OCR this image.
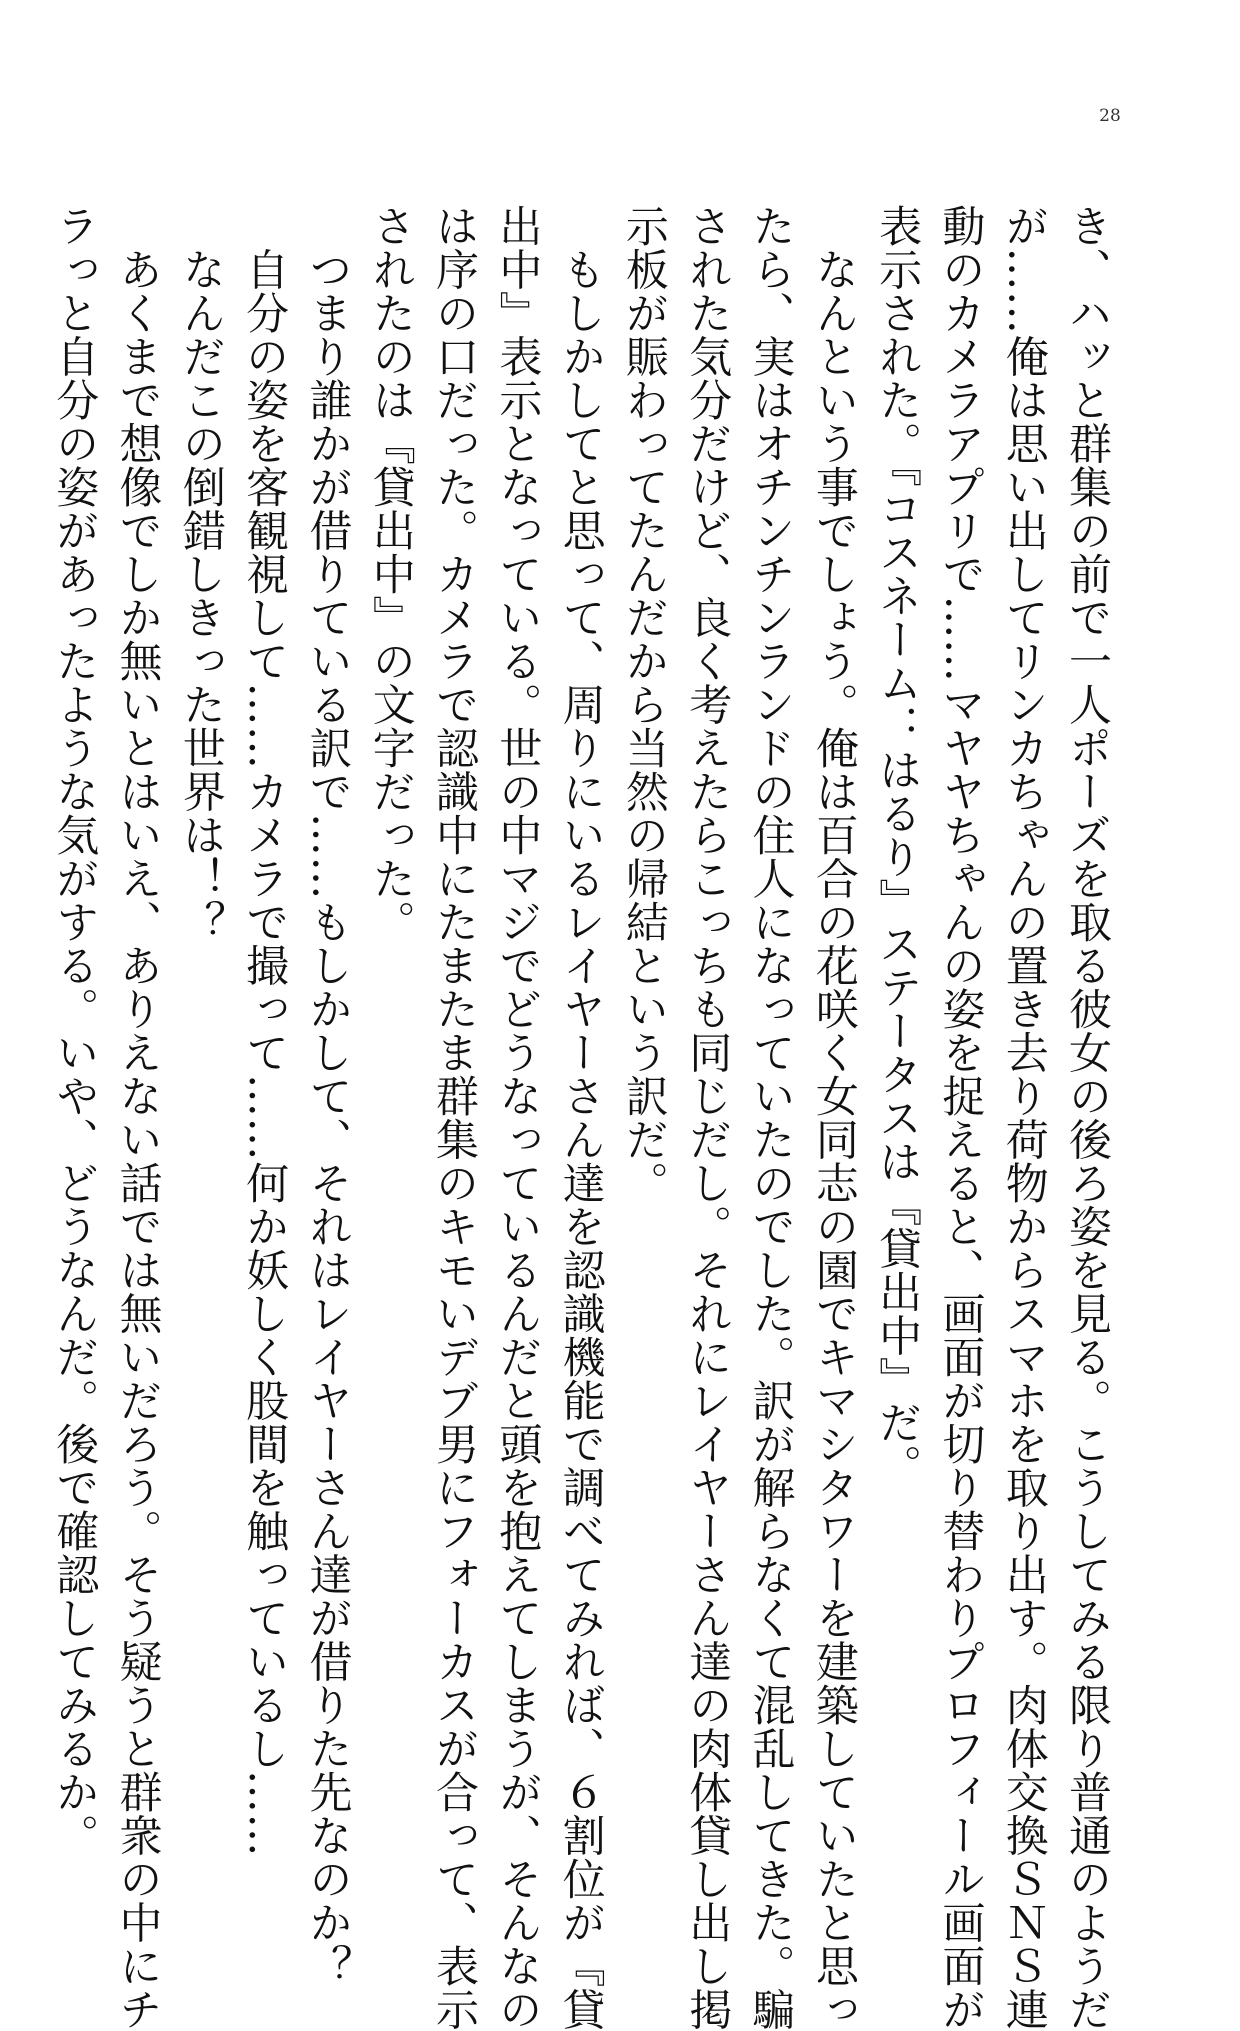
28
き、ハッと群集の前で一人ポーズを取る彼女の後ろ姿を見る。こうしてみる限り普通のようだ
が……俺は思い出してリンカちゃんの置き去り荷物からスマホを取り出す。肉体交換ＳＮＳ連
動のカメラアプリで……マヤヤちゃんの姿を捉えると、画面が切り替わりプロフィール画面が
表示された。『コスネーム：はるり』ステータスは『貸出中』だ。
　なんという事でしょう。俺は百合の花咲く女同志の園でキマシタワーを建築していたと思っ
たら、実はオチンチンランドの住人になっていたのでした。訳が解らなくて混乱してきた。騙
された気分だけど、良く考えたらこっちも同じだし。それにレイヤーさん達の肉体貸し出し掲
示板が賑わってたんだから当然の帰結という訳だ。
　もしかしてと思って、周りにいるレイヤーさん達を認識機能で調べてみれば、６割位が『貸
出中』表示となっている。世の中マジでどうなっているんだと頭を抱えてしまうが、そんなの
は序の口だった。カメラで認識中にたまたま群集のキモいデブ男にフォーカスが合って、表示
されたのは『貸出中』の文字だった。
　つまり誰かが借りている訳で……もしかして、それはレイヤーさん達が借りた先なのか？
　自分の姿を客観視して……カメラで撮って……何か妖しく股間を触っているし……
　なんだこの倒錯しきった世界は！？
　あくまで想像でしか無いとはいえ、ありえない話では無いだろう。そう疑うと群衆の中にチ
ラっと自分の姿があったような気がする。いや、どうなんだ。後で確認してみるか。
